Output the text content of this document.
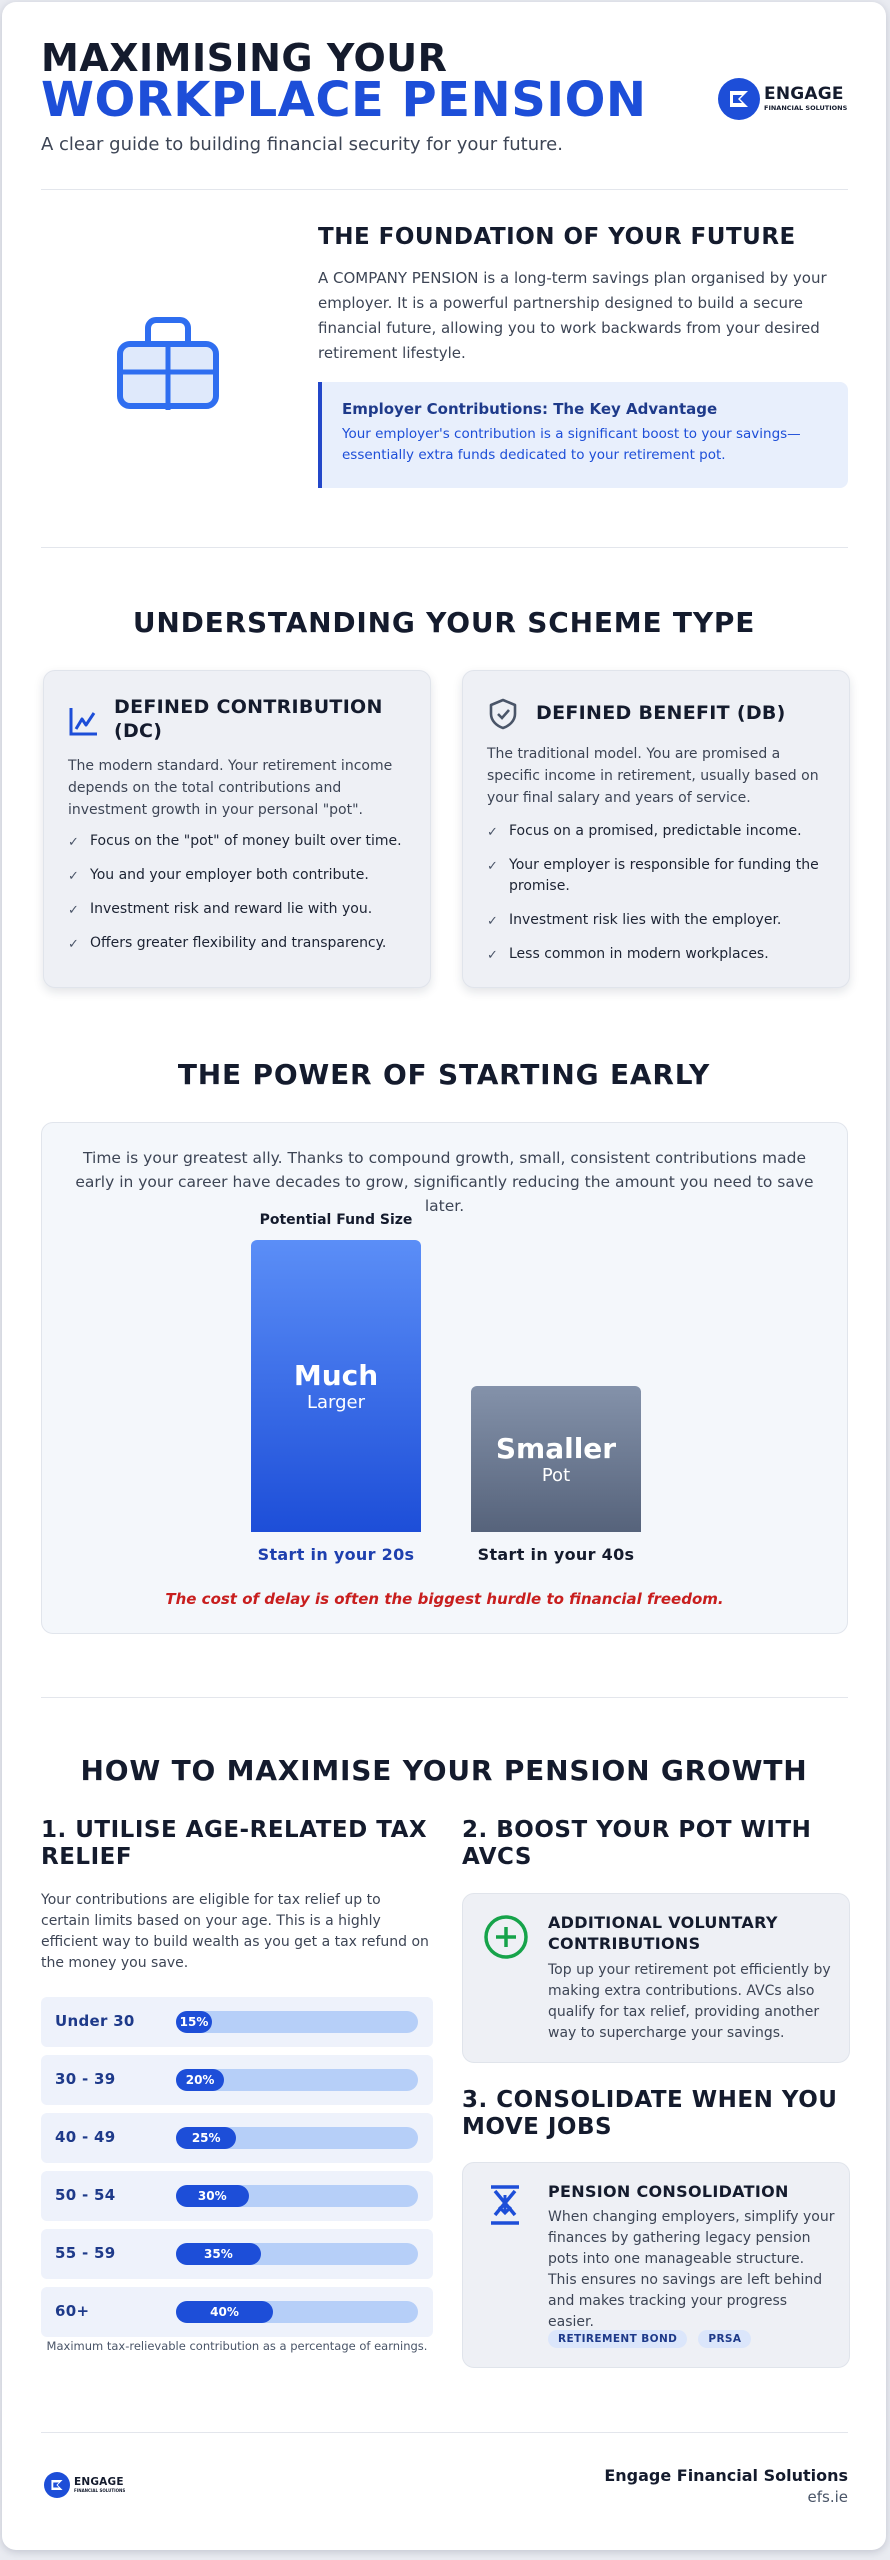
MAXIMISING YOUR
WORKPLACE PENSION
A clear guide to building financial security for your future.
ENGAGE
FINANCIAL SOLUTIONS
THE FOUNDATION OF YOUR FUTURE
A COMPANY PENSION is a long-term savings plan organised by your employer. It is a powerful partnership designed to build a secure financial future, allowing you to work backwards from your desired retirement lifestyle.
Employer Contributions: The Key Advantage
Your employer's contribution is a significant boost to your savings—essentially extra funds dedicated to your retirement pot.
UNDERSTANDING YOUR SCHEME TYPE
DEFINED CONTRIBUTION (DC)
The modern standard. Your retirement income depends on the total contributions and investment growth in your personal "pot".
✓ Focus on the "pot" of money built over time.
✓ You and your employer both contribute.
✓ Investment risk and reward lie with you.
✓ Offers greater flexibility and transparency.
DEFINED BENEFIT (DB)
The traditional model. You are promised a specific income in retirement, usually based on your final salary and years of service.
✓ Focus on a promised, predictable income.
✓ Your employer is responsible for funding the promise.
✓ Investment risk lies with the employer.
✓ Less common in modern workplaces.
THE POWER OF STARTING EARLY
Time is your greatest ally. Thanks to compound growth, small, consistent contributions made early in your career have decades to grow, significantly reducing the amount you need to save later.
Potential Fund Size
Much
Larger
Smaller
Pot
Start in your 20s	Start in your 40s
The cost of delay is often the biggest hurdle to financial freedom.
HOW TO MAXIMISE YOUR PENSION GROWTH
1. UTILISE AGE-RELATED TAX RELIEF
Your contributions are eligible for tax relief up to certain limits based on your age. This is a highly efficient way to build wealth as you get a tax refund on the money you save.
Under 30	15%
30 - 39	20%
40 - 49	25%
50 - 54	30%
55 - 59	35%
60+	40%
Maximum tax-relievable contribution as a percentage of earnings.
2. BOOST YOUR POT WITH AVCS
ADDITIONAL VOLUNTARY CONTRIBUTIONS
Top up your retirement pot efficiently by making extra contributions. AVCs also qualify for tax relief, providing another way to supercharge your savings.
3. CONSOLIDATE WHEN YOU MOVE JOBS
PENSION CONSOLIDATION
When changing employers, simplify your finances by gathering legacy pension pots into one manageable structure. This ensures no savings are left behind and makes tracking your progress easier.
RETIREMENT BOND	PRSA
ENGAGE
FINANCIAL SOLUTIONS
Engage Financial Solutions
efs.ie
